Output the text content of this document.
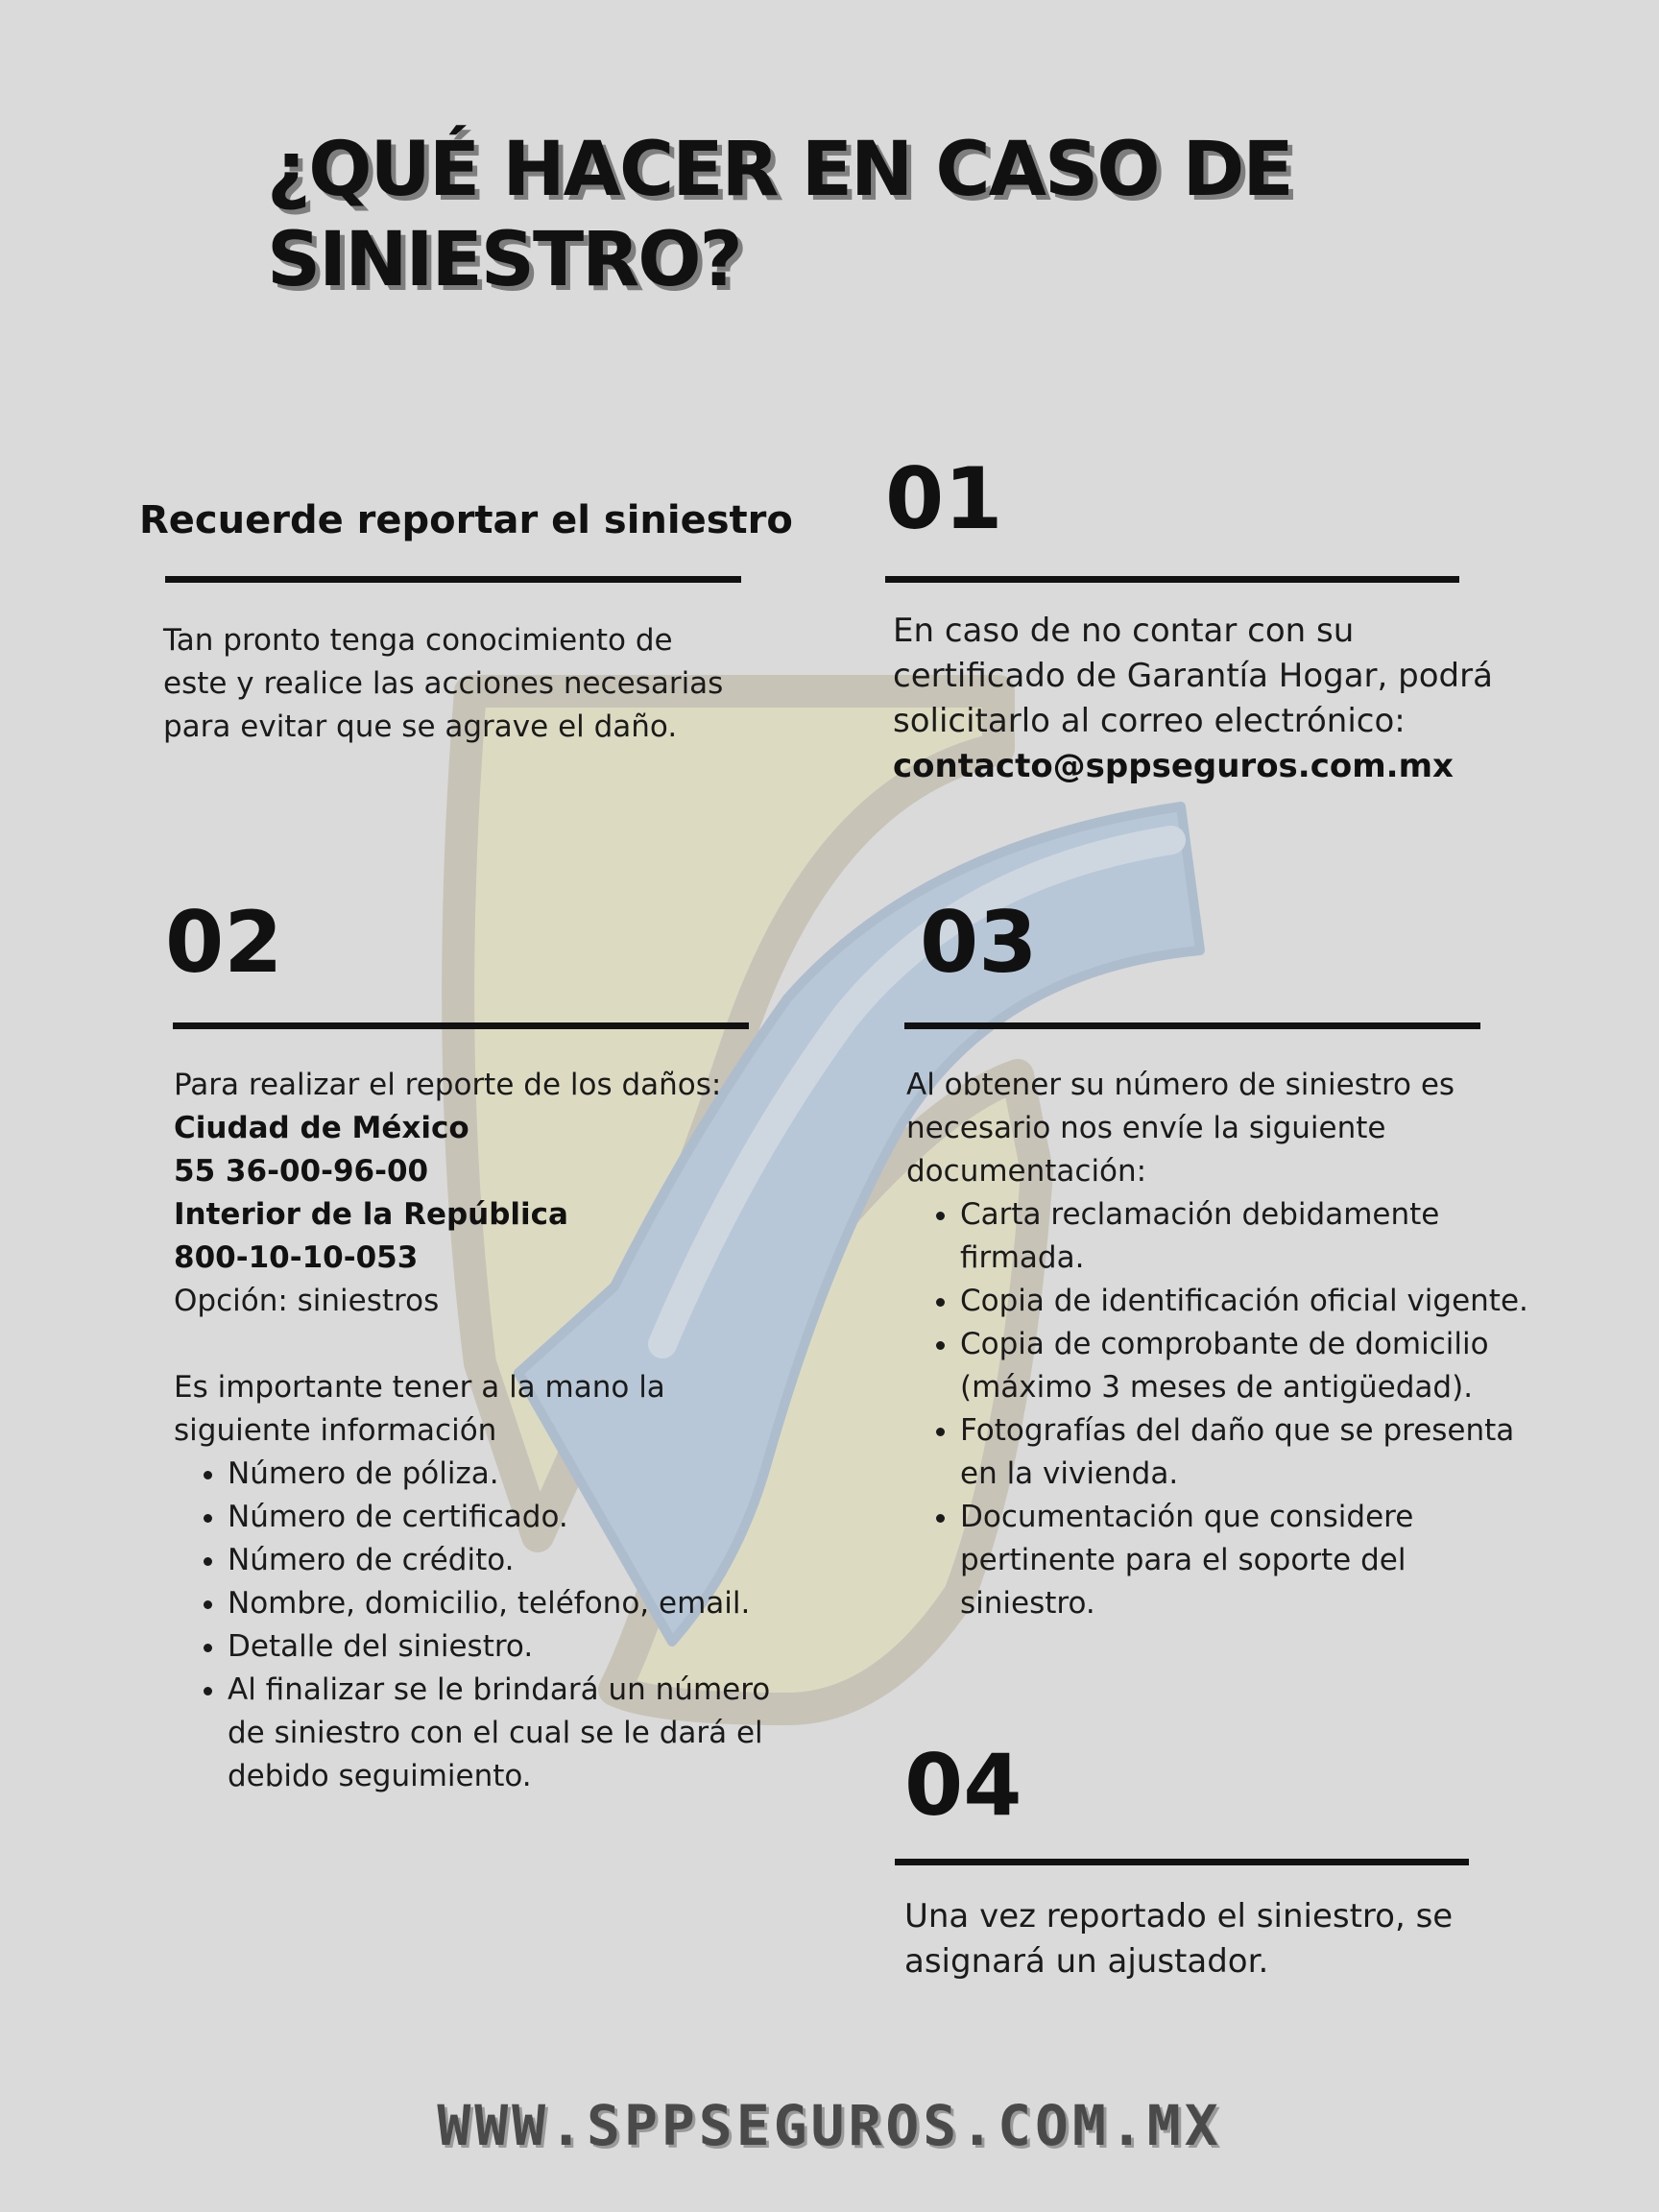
¿QUÉ HACER EN CASO DE
SINIESTRO?
Recuerde reportar el siniestro

Tan pronto tenga conocimiento de este y realice las acciones necesarias para evitar que se agrave el daño.

01

En caso de no contar con su certificado de Garantía Hogar, podrá solicitarlo al correo electrónico:

contacto@sppseguros.com.mx

02

Para realizar el reporte de los daños:

Ciudad de México

55 36-00-96-00

Interior de la República

800-10-10-053

Opción: siniestros

Es importante tener a la mano la siguiente información

• Número de póliza.
• Número de certificado.
• Número de crédito.
• Nombre, domicilio, teléfono, email.
• Detalle del siniestro.
• Al finalizar se le brindará un número de siniestro con el cual se le dará el debido seguimiento.
03

Al obtener su número de siniestro es necesario nos envíe la siguiente documentación:

• Carta reclamación debidamente firmada.
• Copia de identificación oficial vigente.
• Copia de comprobante de domicilio (máximo 3 meses de antigüedad).
• Fotografías del daño que se presenta en la vivienda.
• Documentación que considere pertinente para el soporte del siniestro.
04

Una vez reportado el siniestro, se asignará un ajustador.

WWW.SPPSEGUROS.COM.MX
